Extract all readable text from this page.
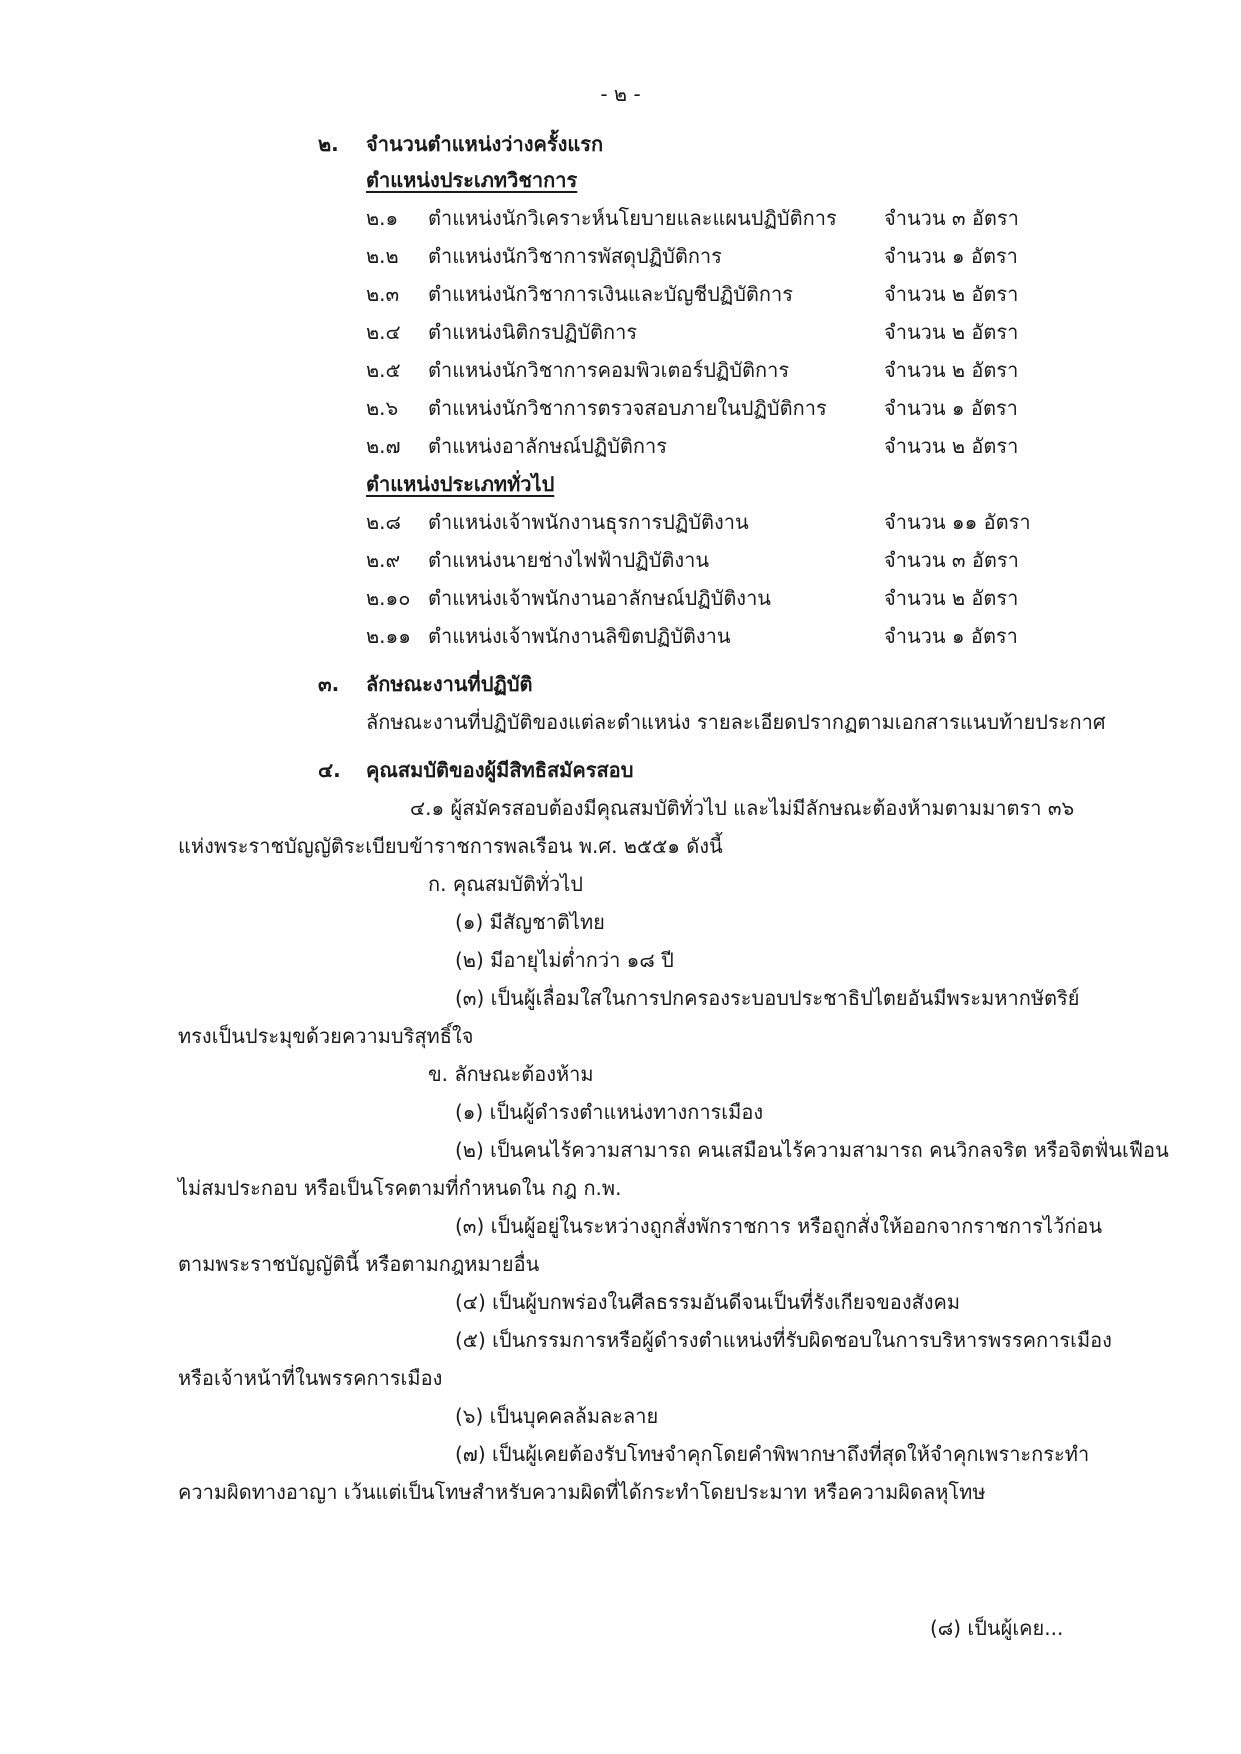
- ๒ -
๒. จำนวนตำแหน่งว่างครั้งแรก
ตำแหน่งประเภทวิชาการ
๒.๑ ตำแหน่งนักวิเคราะห์นโยบายและแผนปฏิบัติการ จำนวน ๓ อัตรา
๒.๒ ตำแหน่งนักวิชาการพัสดุปฏิบัติการ	จำนวน ๑ อัตรา
๒.๓ ตำแหน่งนักวิชาการเงินและบัญชีปฏิบัติการ	จำนวน ๒ อัตรา
๒.๔ ตำแหน่งนิติกรปฏิบัติการ	จำนวน ๒ อัตรา
๒.๕ ตำแหน่งนักวิชาการคอมพิวเตอร์ปฏิบัติการ	จำนวน ๒ อัตรา
๒.๖ ตำแหน่งนักวิชาการตรวจสอบภายในปฏิบัติการ	จำนวน ๑ อัตรา
๒.๗ ตำแหน่งอาลักษณ์ปฏิบัติการ	จำนวน ๒ อัตรา
ตำแหน่งประเภททั่วไป
๒.๘ ตำแหน่งเจ้าพนักงานธุรการปฏิบัติงาน	จำนวน ๑๑ อัตรา
๒.๙ ตำแหน่งนายช่างไฟฟ้าปฏิบัติงาน	จำนวน ๓ อัตรา
๒.๑๐ ตำแหน่งเจ้าพนักงานอาลักษณ์ปฏิบัติงาน	จำนวน ๒ อัตรา
๒.๑๑ ตำแหน่งเจ้าพนักงานลิขิตปฏิบัติงาน	จำนวน ๑ อัตรา
๓. ลักษณะงานที่ปฏิบัติ
ลักษณะงานที่ปฏิบัติของแต่ละตำแหน่ง รายละเอียดปรากฏตามเอกสารแนบท้ายประกาศ
๔. คุณสมบัติของผู้มีสิทธิสมัครสอบ
๔.๑ ผู้สมัครสอบต้องมีคุณสมบัติทั่วไป และไม่มีลักษณะต้องห้ามตามมาตรา ๓๖
แห่งพระราชบัญญัติระเบียบข้าราชการพลเรือน พ.ศ. ๒๕๕๑ ดังนี้
ก. คุณสมบัติทั่วไป
(๑) มีสัญชาติไทย
(๒) มีอายุไม่ต่ำกว่า ๑๘ ปี
(๓) เป็นผู้เลื่อมใสในการปกครองระบอบประชาธิปไตยอันมีพระมหากษัตริย์
ทรงเป็นประมุขด้วยความบริสุทธิ์ใจ
ข. ลักษณะต้องห้าม
(๑) เป็นผู้ดำรงตำแหน่งทางการเมือง
(๒) เป็นคนไร้ความสามารถ คนเสมือนไร้ความสามารถ คนวิกลจริต หรือจิตฟั่นเฟือน
ไม่สมประกอบ หรือเป็นโรคตามที่กำหนดใน กฎ ก.พ.
(๓) เป็นผู้อยู่ในระหว่างถูกสั่งพักราชการ หรือถูกสั่งให้ออกจากราชการไว้ก่อน
ตามพระราชบัญญัตินี้ หรือตามกฎหมายอื่น
(๔) เป็นผู้บกพร่องในศีลธรรมอันดีจนเป็นที่รังเกียจของสังคม
(๕) เป็นกรรมการหรือผู้ดำรงตำแหน่งที่รับผิดชอบในการบริหารพรรคการเมือง
หรือเจ้าหน้าที่ในพรรคการเมือง
(๖) เป็นบุคคลล้มละลาย
(๗) เป็นผู้เคยต้องรับโทษจำคุกโดยคำพิพากษาถึงที่สุดให้จำคุกเพราะกระทำ
ความผิดทางอาญา เว้นแต่เป็นโทษสำหรับความผิดที่ได้กระทำโดยประมาท หรือความผิดลหุโทษ
(๘) เป็นผู้เคย...
